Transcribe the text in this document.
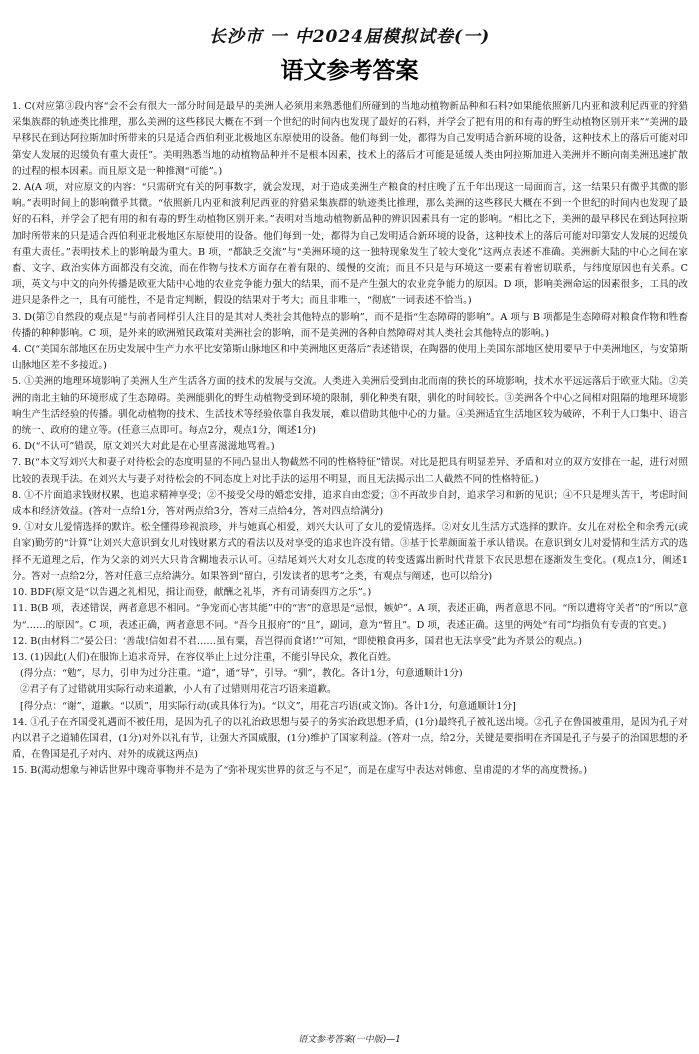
长沙市 一 中2024届模拟试卷(一)
语文参考答案

1. C(对应第③段内容“会不会有很大一部分时间是最早的美洲人必须用来熟悉他们所碰到的当地动植物新品种和石料?如果能依照新几内亚和波利尼西亚的狩猎采集族群的轨迹类比推理，那么美洲的这些移民大概在不到一个世纪的时间内也发现了最好的石料，并学会了把有用的和有毒的野生动植物区别开来”“美洲的最早移民在到达阿拉斯加时所带来的只是适合西伯利亚北极地区东原使用的设备。他们每到一处，都得为自己发明适合新环境的设备，这种技术上的落后可能对印第安人发展的迟缓负有重大责任”。美明熟悉当地的动植物品种并不是根本因素，技术上的落后才可能是延缓人类由阿拉斯加进入美洲并不断向南美洲迅速扩散的过程的根本因素。而且原文是一种推测“可能”。)

2. A(A 项，对应原文的内容：“只需研究有关的阿事数字，就会发现，对于造成美洲生产粮食的村庄晚了五千年出现这一局面而言，这一结果只有微乎其微的影响。”表明时间上的影响微乎其微。“依照新几内亚和波利尼西亚的狩猎采集族群的轨迹类比推理，那么美洲的这些移民大概在不到一个世纪的时间内也发现了最好的石料，并学会了把有用的和有毒的野生动植物区别开来。”表明对当地动植物新品种的辨识因素具有一定的影响。“相比之下，美洲的最早移民在到达阿拉斯加时所带来的只是适合西伯利亚北极地区东原使用的设备。他们每到一处，都得为自己发明适合新环境的设备，这种技术上的落后可能对印第安人发展的迟缓负有重大责任。”表明技术上的影响最为重大。B 项，“都缺乏交流”与“美洲环境的这一独特现象发生了较大变化”这两点表述不准确。美洲新大陆的中心之间在家畜、文字、政治实体方面都没有交流，而在作物与技术方面存在着有限的、缓慢的交流；而且不只是与环境这一要素有着密切联系，与纬度原因也有关系。C 项，英文与中文的向外传播是欧亚大陆中心地的农业竞争能力强大的结果，而不是产生强大的农业竞争能力的原因。D 项，影响美洲命运的因素很多，工具的改进只是条件之一，具有可能性，不是肯定判断，假设的结果对于考大；而且非唯一，“彻底”一词表述不恰当。)

3. D(第⑦自然段的观点是“与前者同样引人注目的是其对人类社会其他特点的影响”，而不是指“生态障碍的影响”。A 项与 B 项都是生态障碍对粮食作物和牲畜传播的种种影响。C 项，是外来的欧洲殖民政策对美洲社会的影响，而不是美洲的各种自然障碍对其人类社会其他特点的影响。)

4. C(“美国东部地区在历史发展中生产力水平比安第斯山脉地区和中美洲地区更落后”表述错误，在陶器的使用上美国东部地区使用要早于中美洲地区，与安第斯山脉地区差不多接近。)

5. ①美洲的地理环境影响了美洲人生产生活各方面的技术的发展与交流。人类进入美洲后受到由北而南的狭长的环境影响，技术水平远远落后于欧亚大陆。②美洲的南北主轴的环境形成了生态障碍。美洲能驯化的野生动植物受到环境的限制，驯化种类有限，驯化的时间较长。③美洲各个中心之间相对阻隔的地理环境影响生产生活经验的传播。驯化动植物的技术、生活技术等经验依靠自我发展，难以借助其他中心的力量。④美洲适宜生活地区较为破碎，不利于人口集中、语言的统一、政府的建立等。(任意三点即可。每点2分，观点1分，阐述1分)

6. D(“不认可”错误，原文刘兴大对此是在心里喜滋滋地骂着。)

7. B(“本文写刘兴大和妻子对待松会的态度明显的不同凸显出人物截然不同的性格特征”错误。对比是把具有明显差异、矛盾和对立的双方安排在一起，进行对照比较的表现手法。在刘兴大与妻子对待松会的不同态度上对比手法的运用不明显，而且无法揭示出二人截然不同的性格特征。)

8. ①不片面追求钱财权累，也追求精神享受；②不接受父母的婚恋安排，追求自由恋爱；③不再故步自封，追求学习和新的见识；④不只是埋头苦干，考虑时间成本和经济效益。(答对一点给1分，答对两点给3分，答对三点给4分，答对四点给满分)

9. ①对女儿爱情选择的默许。松全懂得珍视浪珍，并与她真心相爱，刘兴大认可了女儿的爱情选择。②对女儿生活方式选择的默许。女儿在对松全和余秀元(或自家)勤劳的“计算”让刘兴大意识到女儿对钱财累方式的看法以及对享受的追求也许没有错。③基于长辈颜面羞于承认错误。在意识到女儿对爱情和生活方式的选择不无道理之后，作为父亲的刘兴大只肯含糊地表示认可。④结尾刘兴大对女儿态度的转变透露出新时代背景下农民思想在逐渐发生变化。(观点1分，阐述1分。答对一点给2分，答对任意三点给满分。如果答到“留白，引发读者的思考”之类，有观点与阐述，也可以给分)

10. BDF(原文是“以告遇之礼相见，揖让而登，献酬之礼毕，齐有司请奏四方之乐”。)

11. B(B 项，表述错误，两者意思不相同。“争宠而心害其能”中的“害”的意思是“忌恨，嫉妒”。A 项，表述正确，两者意思不同。“所以遭将守关者”的“所以”意为“……的原因”。C 项，表述正确，两者意思不同。“吾今且报府”的“且”，副词，意为“暂且”。D 项，表述正确。这里的两处“有司”均指负有专责的官吏。)

12. B(由材料二“晏公曰：‘善哉!信如君不君……虽有粟，吾岂得而食诸!’”可知，“即使粮食再多，国君也无法享受”此为齐景公的观点。)

13. (1)因此(人们)在服饰上追求奇异，在容仪举止上过分注重，不能引导民众，教化百姓。

(得分点：“勉”，尽力，引申为过分注重。“道”，通“导”，引导。“驯”，教化。各计1分，句意通顺计1分)

②君子有了过错就用实际行动来道歉，小人有了过错则用花言巧语来道歉。

[得分点：“谢”，道歉。“以质”，用实际行动(或具体行为)。“以文”，用花言巧语(或文饰)。各计1分，句意通顺计1分]

14. ①孔子在齐国受礼遇而不被任用，是因为孔子的以礼治政思想与晏子的务实治政思想矛盾，(1分)最终孔子被礼送出境。②孔子在鲁国被重用，是因为孔子对内以君子之道辅佐国君，(1分)对外以礼有节，让强大齐国威服，(1分)维护了国家利益。(答对一点，给2分，关键是要指明在齐国是孔子与晏子的治国思想的矛盾，在鲁国是孔子对内、对外的成就这两点)

15. B(渴动想象与神话世界中瑰奇事物并不是为了“弥补现实世界的贫乏与不足”，而是在虚写中表达对韩愈、皇甫湜的才华的高度赞扬。)

语文参考答案(一中版)—1
